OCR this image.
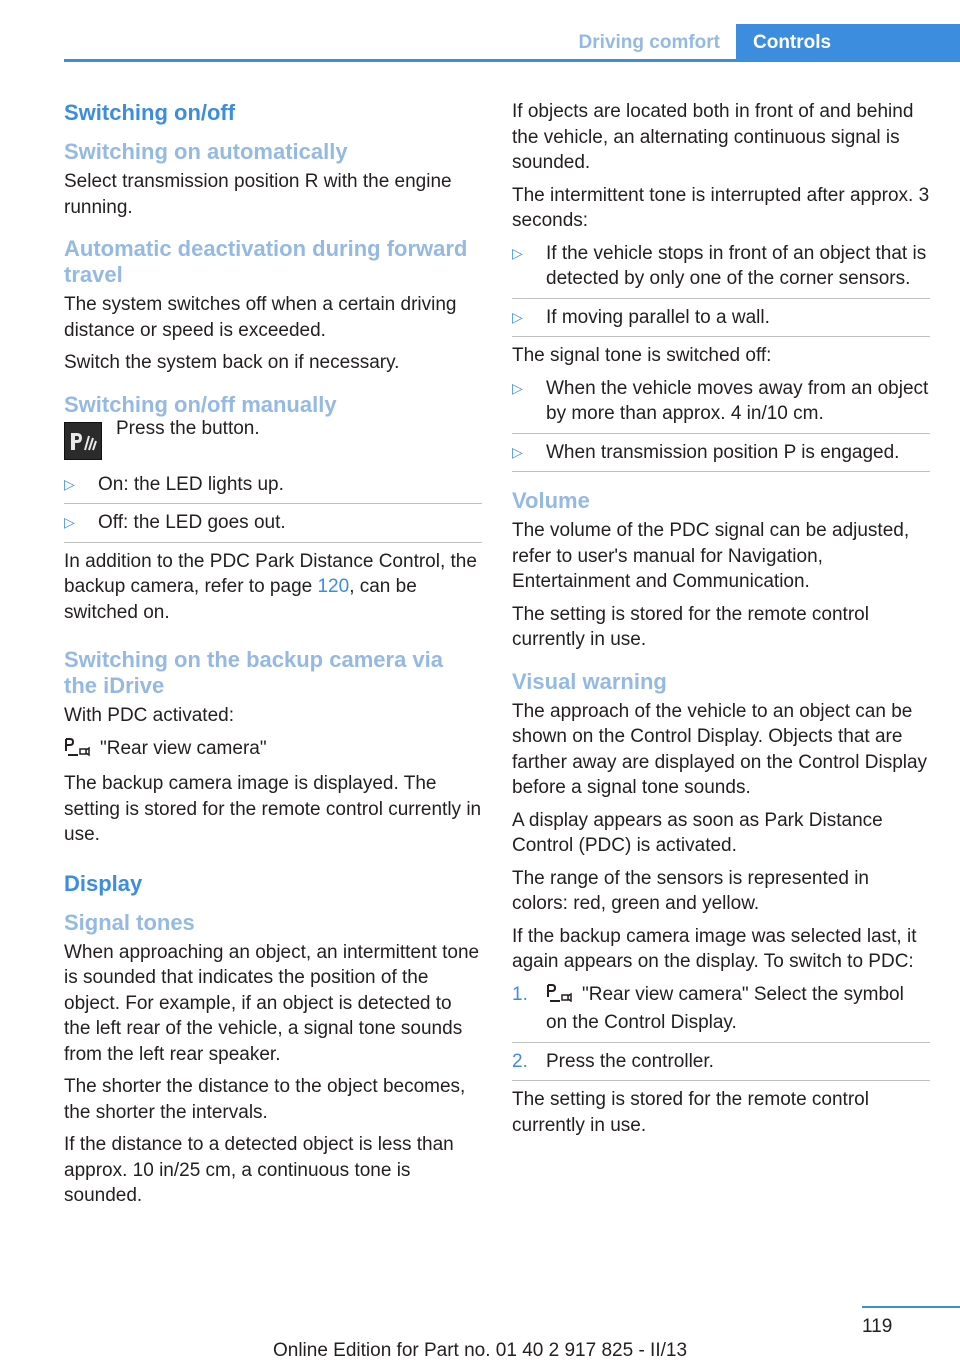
Driving comfort	Controls
Switching on/off
Switching on automatically

Select transmission position R with the engine running.

Automatic deactivation during forward travel

The system switches off when a certain driving distance or speed is exceeded.

Switch the system back on if necessary.

Switching on/off manually
Press the button.
▷ On: the LED lights up.
▷ Off: the LED goes out.

In addition to the PDC Park Distance Control, the backup camera, refer to page 120, can be switched on.

Switching on the backup camera via the iDrive

With PDC activated:

"Rear view camera"

The backup camera image is displayed. The setting is stored for the remote control currently in use.

Display
Signal tones

When approaching an object, an intermittent tone is sounded that indicates the position of the object. For example, if an object is detected to the left rear of the vehicle, a signal tone sounds from the left rear speaker.

The shorter the distance to the object becomes, the shorter the intervals.

If the distance to a detected object is less than approx. 10 in/25 cm, a continuous tone is sounded.

If objects are located both in front of and behind the vehicle, an alternating continuous signal is sounded.

The intermittent tone is interrupted after approx. 3 seconds:

▷ If the vehicle stops in front of an object that is detected by only one of the corner sensors.
▷ If moving parallel to a wall.

The signal tone is switched off:

▷ When the vehicle moves away from an object by more than approx. 4 in/10 cm.
▷ When transmission position P is engaged.
Volume

The volume of the PDC signal can be adjusted, refer to user's manual for Navigation, Entertainment and Communication.

The setting is stored for the remote control currently in use.

Visual warning

The approach of the vehicle to an object can be shown on the Control Display. Objects that are farther away are displayed on the Control Display before a signal tone sounds.

A display appears as soon as Park Distance Control (PDC) is activated.

The range of the sensors is represented in colors: red, green and yellow.

If the backup camera image was selected last, it again appears on the display. To switch to PDC:

1.	"Rear view camera" Select the symbol on the Control Display.
2. Press the controller.

The setting is stored for the remote control currently in use.

119
Online Edition for Part no. 01 40 2 917 825 - II/13
